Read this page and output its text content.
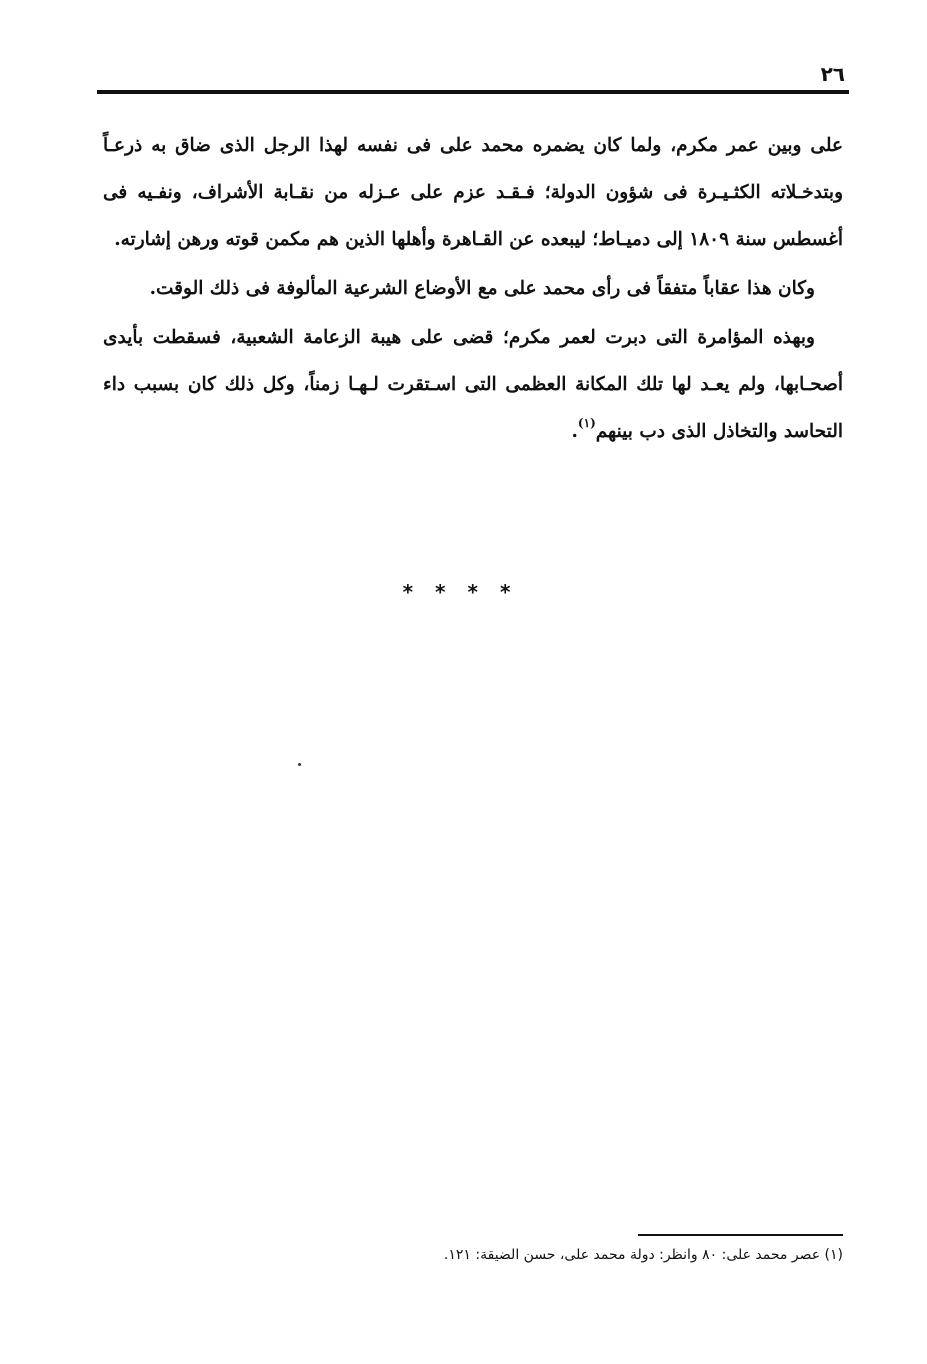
٢٦

على وبين عمر مكرم، ولما كان يضمره محمد على فى نفسه لهذا الرجل الذى ضاق به ذرعـاً وبتدخـلاته الكثـيـرة فى شؤون الدولة؛ فـقـد عزم على عـزله من نقـابة الأشراف، ونفـيه فى أغسطس سنة ١٨٠٩ إلى دميـاط؛ ليبعده عن القـاهرة وأهلها الذين هم مكمن قوته ورهن إشارته.

وكان هذا عقاباً متفقاً فى رأى محمد على مع الأوضاع الشرعية المألوفة فى ذلك الوقت.

وبهذه المؤامرة التى دبرت لعمر مكرم؛ قضى على هيبة الزعامة الشعبية، فسقطت بأيدى أصحـابها، ولم يعـد لها تلك المكانة العظمى التى اسـتقرت لـهـا زمناً، وكل ذلك كان بسبب داء التحاسد والتخاذل الذى دب بينهم$^{(١)}$.

* * * *
(١) عصر محمد على: ٨٠ وانظر: دولة محمد على، حسن الضيقة: ١٢١.
